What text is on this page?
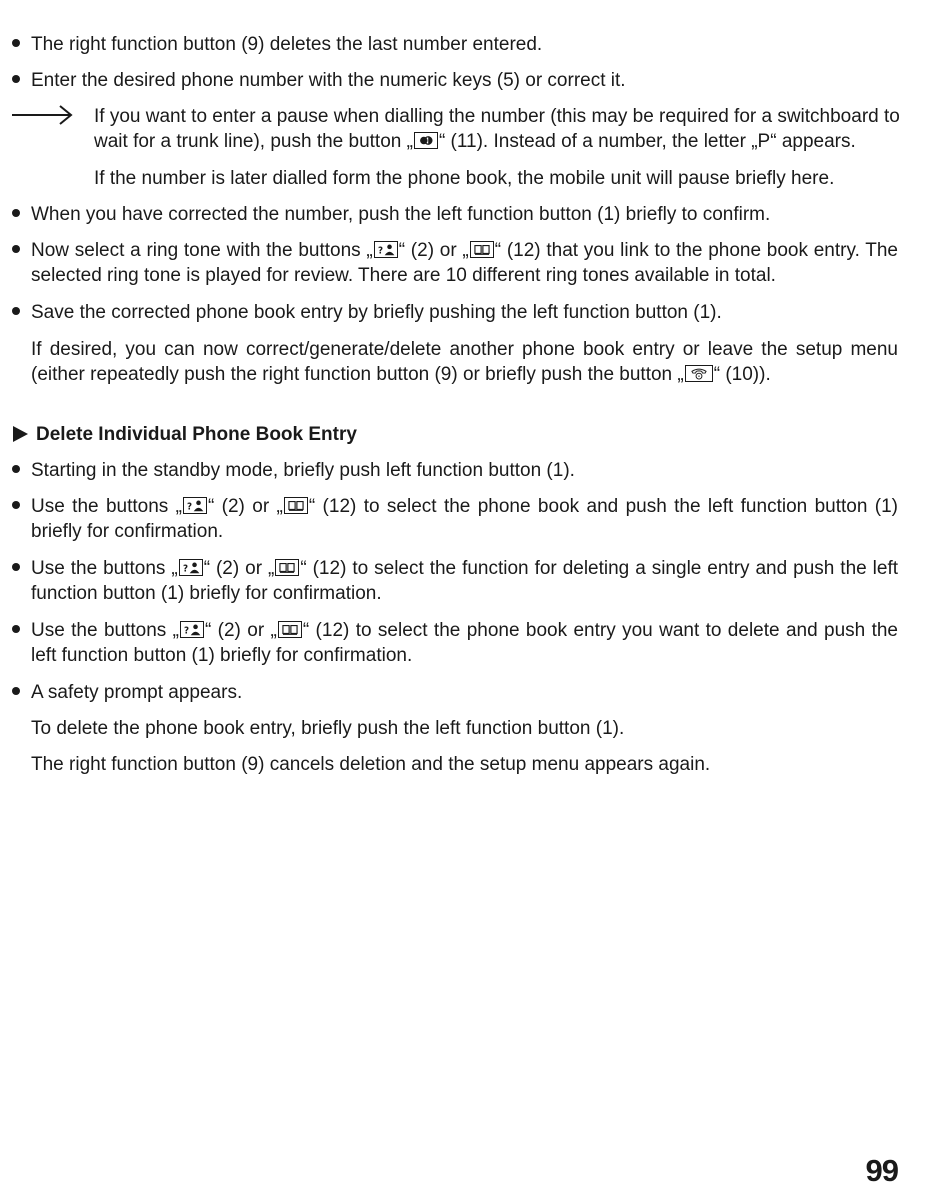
The right function button (9) deletes the last number entered.
Enter the desired phone number with the numeric keys (5) or correct it.
If you want to enter a pause when dialling the number (this may be required for a switchboard to wait for a trunk line), push the button „ “ (11). Instead of a number, the letter „P“ appears.
If the number is later dialled form the phone book, the mobile unit will pause briefly here.
When you have corrected the number, push the left function button (1) briefly to confirm.
Now select a ring tone with the buttons „ ? “ (2) or „ “ (12) that you link to the phone book entry. The selected ring tone is played for review. There are 10 different ring tones available in total.
Save the corrected phone book entry by briefly pushing the left function button (1).
If desired, you can now correct/generate/delete another phone book entry or leave the setup menu (either repeatedly push the right function button (9) or briefly push the button „ “ (10)).
Delete Individual Phone Book Entry
Starting in the standby mode, briefly push left function button (1).
Use the buttons „ ? “ (2) or „ “ (12) to select the phone book and push the left function button (1) briefly for confirmation.
Use the buttons „ ? “ (2) or „ “ (12) to select the function for deleting a single entry and push the left function button (1) briefly for confirmation.
Use the buttons „ ? “ (2) or „ “ (12) to select the phone book entry you want to delete and push the left function button (1) briefly for confirmation.
A safety prompt appears.
To delete the phone book entry, briefly push the left function button (1).
The right function button (9) cancels deletion and the setup menu appears again.
99
